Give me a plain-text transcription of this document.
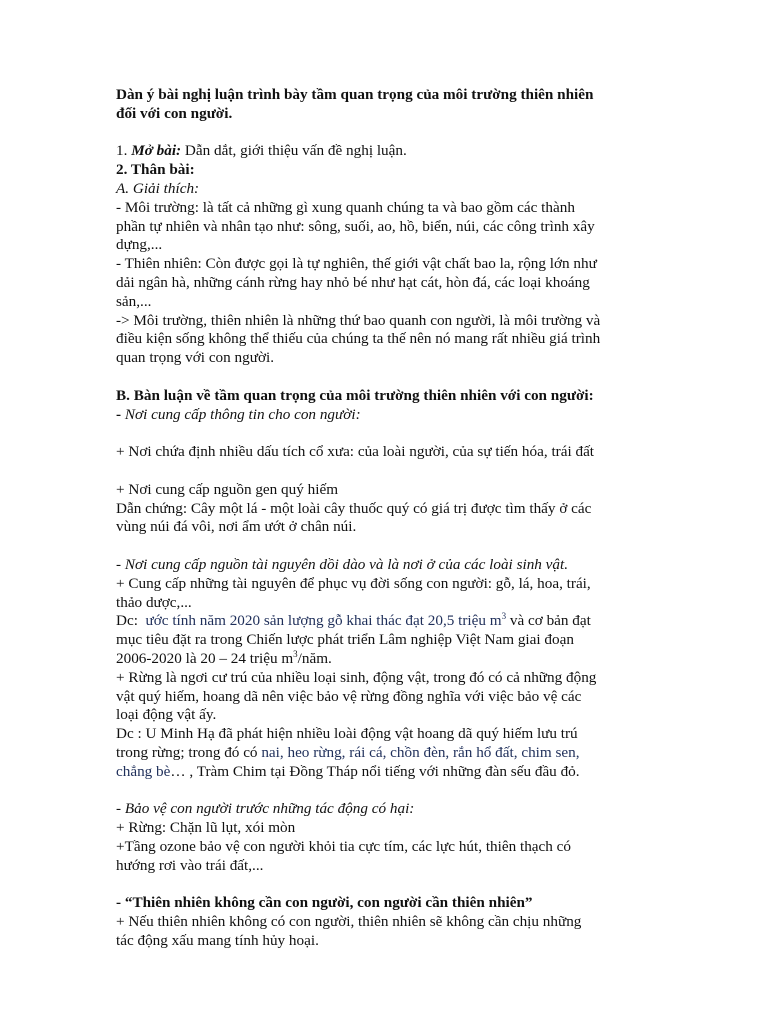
Dàn ý bài nghị luận trình bày tầm quan trọng của môi trường thiên nhiên
đối với con người.
1. Mở bài: Dẫn dắt, giới thiệu vấn đề nghị luận.
2. Thân bài:
A. Giải thích:
- Môi trường: là tất cả những gì xung quanh chúng ta và bao gồm các thành
phần tự nhiên và nhân tạo như: sông, suối, ao, hồ, biển, núi, các công trình xây
dựng,...
- Thiên nhiên: Còn được gọi là tự nghiên, thế giới vật chất bao la, rộng lớn như
dải ngân hà, những cánh rừng hay nhỏ bé như hạt cát, hòn đá, các loại khoáng
sản,...
-> Môi trường, thiên nhiên là những thứ bao quanh con người, là môi trường và
điều kiện sống không thể thiếu của chúng ta thế nên nó mang rất nhiều giá trình
quan trọng với con người.
B. Bàn luận về tầm quan trọng của môi trường thiên nhiên với con người:
- Nơi cung cấp thông tin cho con người:
+ Nơi chứa định nhiều dấu tích cổ xưa: của loài người, của sự tiến hóa, trái đất
+ Nơi cung cấp nguồn gen quý hiếm
Dẫn chứng: Cây một lá - một loài cây thuốc quý có giá trị được tìm thấy ở các
vùng núi đá vôi, nơi ẩm ướt ở chân núi.
- Nơi cung cấp nguồn tài nguyên dồi dào và là nơi ở của các loài sinh vật.
+ Cung cấp những tài nguyên để phục vụ đời sống con người: gỗ, lá, hoa, trái,
thảo dược,...
Dc:  ước tính năm 2020 sản lượng gỗ khai thác đạt 20,5 triệu $m^3$ và cơ bản đạt
mục tiêu đặt ra trong Chiến lược phát triển Lâm nghiệp Việt Nam giai đoạn
2006-2020 là 20 – 24 triệu $m^3$/năm.
+ Rừng là ngơi cư trú của nhiều loại sinh, động vật, trong đó có cả những động
vật quý hiếm, hoang dã nên việc bảo vệ rừng đồng nghĩa với việc bảo vệ các
loại động vật ấy.
Dc : U Minh Hạ đã phát hiện nhiều loài động vật hoang dã quý hiếm lưu trú
trong rừng; trong đó có nai, heo rừng, rái cá, chồn đèn, rắn hổ đất, chim sen,
chẳng bè… , Tràm Chim tại Đồng Tháp nổi tiếng với những đàn sếu đầu đỏ.
- Bảo vệ con người trước những tác động có hại:
+ Rừng: Chặn lũ lụt, xói mòn
+Tầng ozone bảo vệ con người khỏi tia cực tím, các lực hút, thiên thạch có
hướng rơi vào trái đất,...
- “Thiên nhiên không cần con người, con người cần thiên nhiên”
+ Nếu thiên nhiên không có con người, thiên nhiên sẽ không cần chịu những
tác động xấu mang tính hủy hoại.
